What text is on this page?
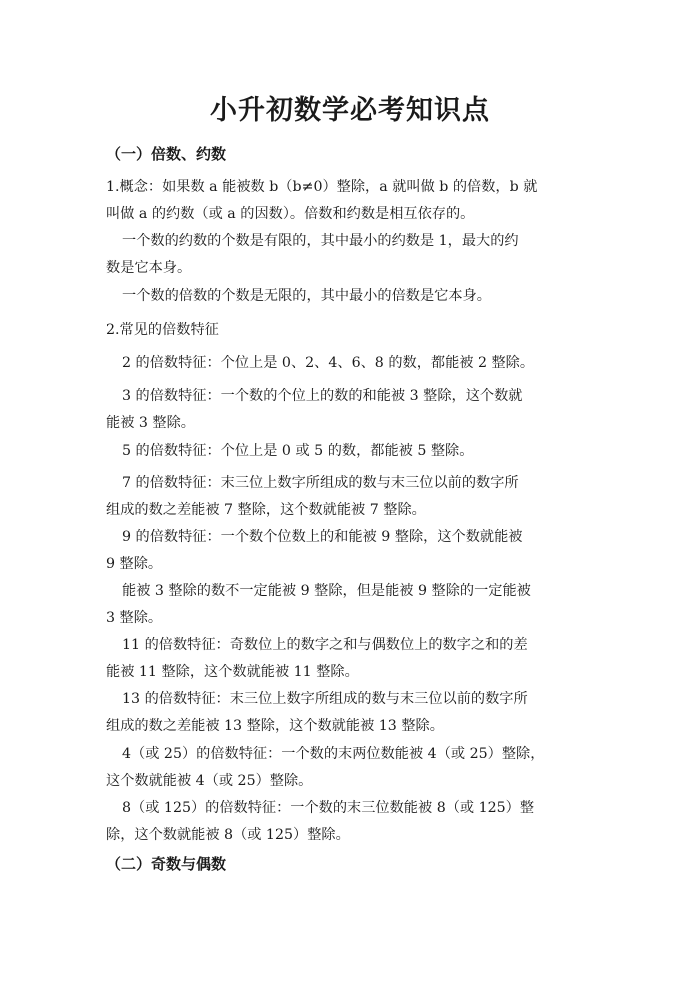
小升初数学必考知识点
（一）倍数、约数

1.概念：如果数 a 能被数 b（b≠0）整除，a 就叫做 b 的倍数，b 就
叫做 a 的约数（或 a 的因数）。倍数和约数是相互依存的。

一个数的约数的个数是有限的，其中最小的约数是 1，最大的约
数是它本身。

一个数的倍数的个数是无限的，其中最小的倍数是它本身。

2.常见的倍数特征

2 的倍数特征：个位上是 0、2、4、6、8 的数，都能被 2 整除。

3 的倍数特征：一个数的个位上的数的和能被 3 整除，这个数就
能被 3 整除。

5 的倍数特征：个位上是 0 或 5 的数，都能被 5 整除。

7 的倍数特征：末三位上数字所组成的数与末三位以前的数字所
组成的数之差能被 7 整除，这个数就能被 7 整除。

9 的倍数特征：一个数个位数上的和能被 9 整除，这个数就能被
9 整除。

能被 3 整除的数不一定能被 9 整除，但是能被 9 整除的一定能被
3 整除。

11 的倍数特征：奇数位上的数字之和与偶数位上的数字之和的差
能被 11 整除，这个数就能被 11 整除。

13 的倍数特征：末三位上数字所组成的数与末三位以前的数字所
组成的数之差能被 13 整除，这个数就能被 13 整除。

4（或 25）的倍数特征：一个数的末两位数能被 4（或 25）整除，
这个数就能被 4（或 25）整除。

8（或 125）的倍数特征：一个数的末三位数能被 8（或 125）整
除，这个数就能被 8（或 125）整除。

（二）奇数与偶数
